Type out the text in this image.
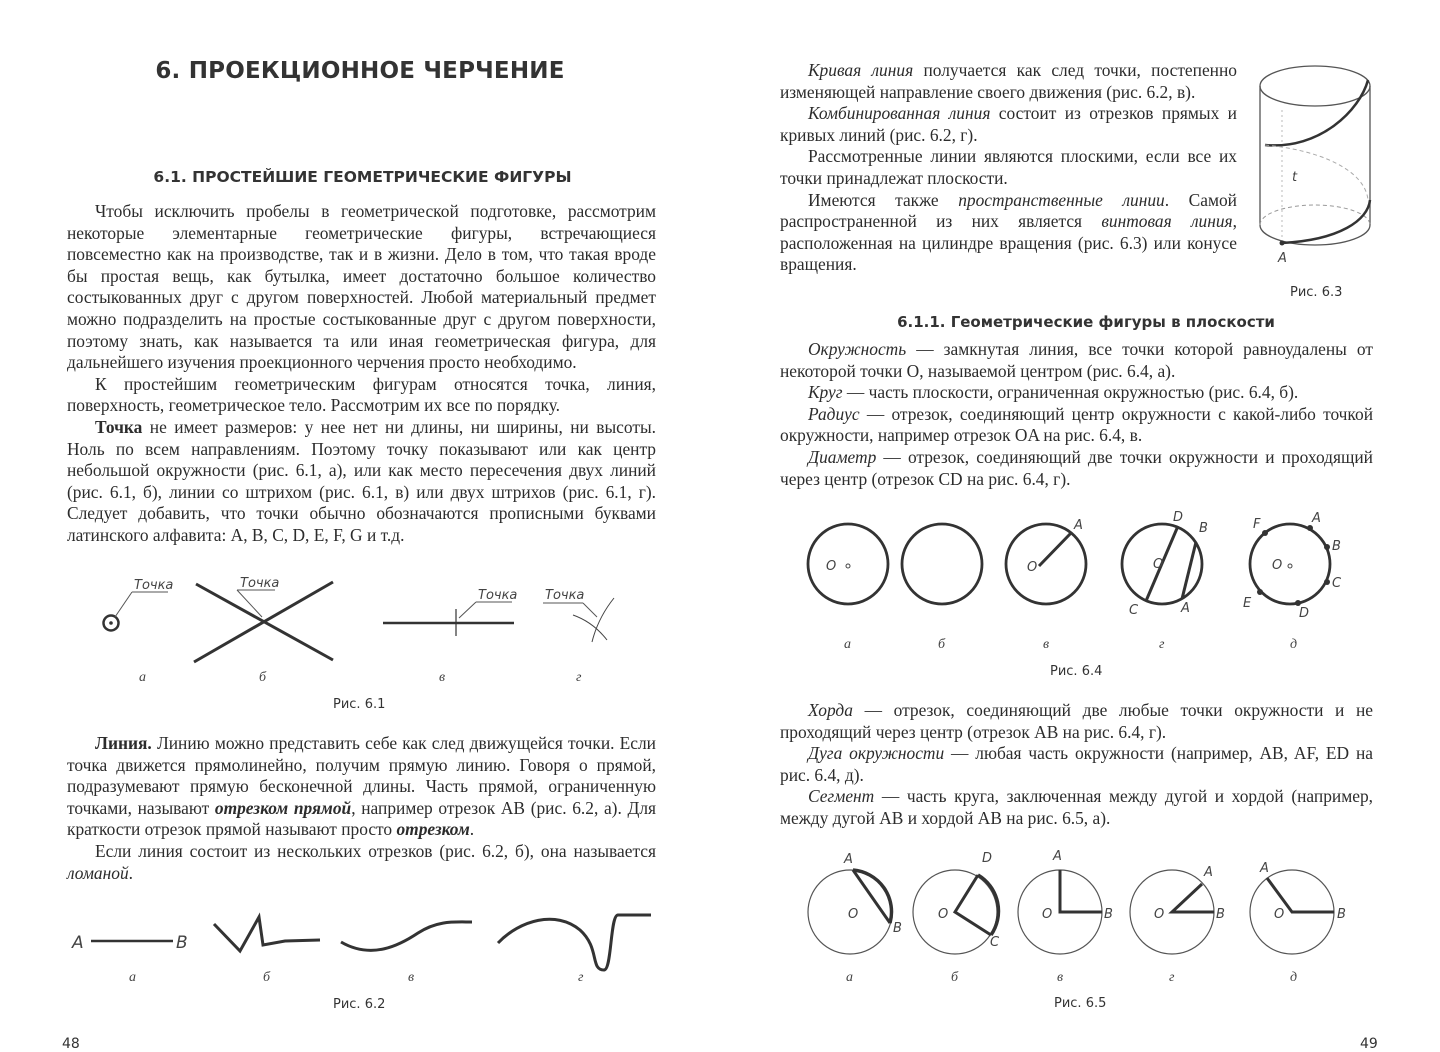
6. ПРОЕКЦИОННОЕ ЧЕРЧЕНИЕ
6.1. ПРОСТЕЙШИЕ ГЕОМЕТРИЧЕСКИЕ ФИГУРЫ

Чтобы исключить пробелы в геометрической подготовке, рассмотрим некоторые элементарные геометрические фигуры, встречающиеся повсеместно как на производстве, так и в жизни. Дело в том, что такая вроде бы простая вещь, как бутылка, имеет достаточно большое количество состыкованных друг с другом поверхностей. Любой материальный предмет можно подразделить на простые состыкованные друг с другом поверхности, поэтому знать, как называется та или иная геометрическая фигура, для дальнейшего изучения проекционного черчения просто необходимо.

К простейшим геометрическим фигурам относятся точка, линия, поверхность, геометрическое тело. Рассмотрим их все по порядку.

Точка не имеет размеров: у нее нет ни длины, ни ширины, ни высоты. Ноль по всем направлениям. Поэтому точку показывают или как центр небольшой окружности (рис. 6.1, а), или как место пересечения двух линий (рис. 6.1, б), линии со штрихом (рис. 6.1, в) или двух штрихов (рис. 6.1, г). Следует добавить, что точки обычно обозначаются прописными буквами латинского алфавита: A, B, C, D, E, F, G и т.д.

Точка	Точка
Точка Точка
а	б	в	г
Рис. 6.1

Линия. Линию можно представить себе как след движущейся точки. Если точка движется прямолинейно, получим прямую линию. Говоря о прямой, подразумевают прямую бесконечной длины. Часть прямой, ограниченную точками, называют отрезком прямой, например отрезок AB (рис. 6.2, а). Для краткости отрезок прямой называют просто отрезком.

Если линия состоит из нескольких отрезков (рис. 6.2, б), она называется ломаной.

A	B
а	б	в	г
Рис. 6.2
48

Кривая линия получается как след точки, постепенно изменяющей направление своего движения (рис. 6.2, в).

Комбинированная линия состоит из отрезков прямых и кривых линий (рис. 6.2, г).

Рассмотренные линии являются плоскими, если все их точки принадлежат плоскости.

Имеются также пространственные линии. Самой распространенной из них является винтовая линия, расположенная на цилиндре вращения (рис. 6.3) или конусе вращения.

t
A
Рис. 6.3
6.1.1. Геометрические фигуры в плоскости

Окружность — замкнутая линия, все точки которой равноудалены от некоторой точки O, называемой центром (рис. 6.4, а).

Круг — часть плоскости, ограниченная окружностью (рис. 6.4, б).

Радиус — отрезок, соединяющий центр окружности с какой-либо точкой окружности, например отрезок OA на рис. 6.4, в.

Диаметр — отрезок, соединяющий две точки окружности и проходящий через центр (отрезок CD на рис. 6.4, г).

O	O
A
O
D
B
C	A
O
F	A
B
C
D
E
а	б	в	г	д
Рис. 6.4

Хорда — отрезок, соединяющий две любые точки окружности и не проходящий через центр (отрезок AB на рис. 6.4, г).

Дуга окружности — любая часть окружности (например, AB, AF, ED на рис. 6.4, д).

Сегмент — часть круга, заключенная между дугой и хордой (например, между дугой AB и хордой AB на рис. 6.5, а).

A
B
O
D
O
C
A
O	B
A
O	B
A
O	B
а	б	в	г	д
Рис. 6.5
49
